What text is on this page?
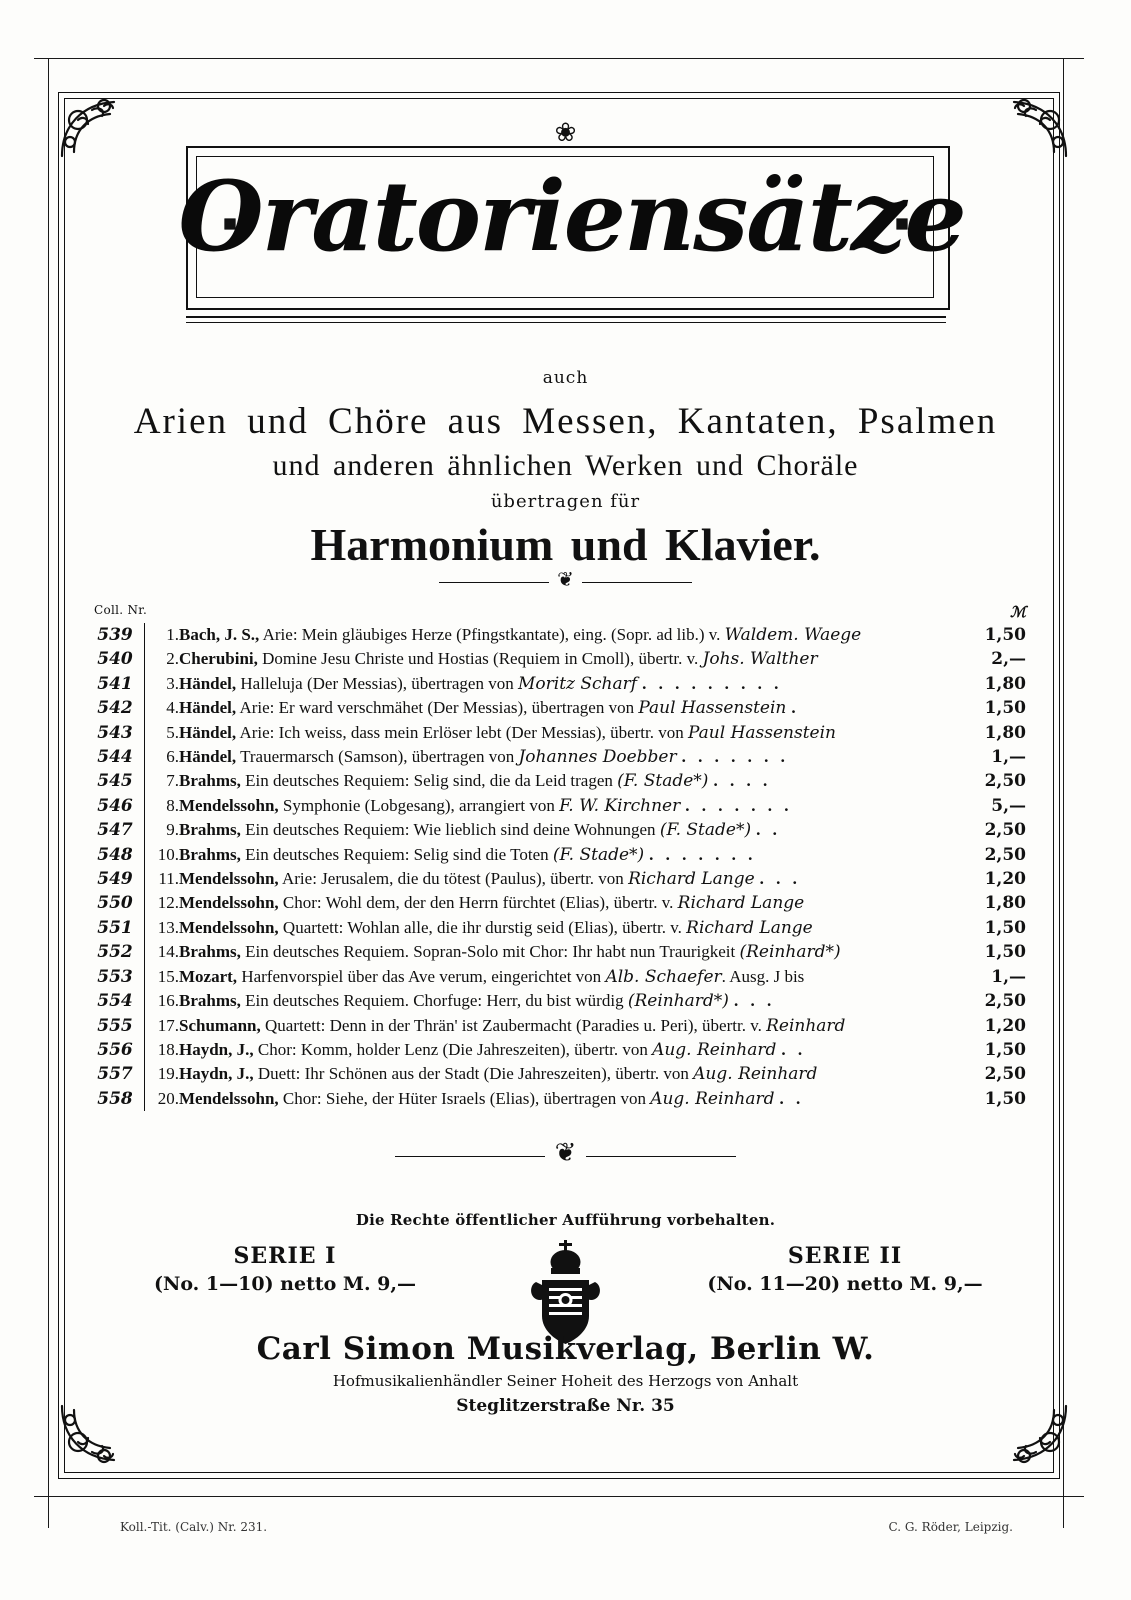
❀
Oratoriensätze
auch
Arien und Chöre aus Messen, Kantaten, Psalmen
und anderen ähnlichen Werken und Choräle
übertragen für
Harmonium und Klavier.
❦
Coll. Nr.	ℳ
539	1.	Bach, J. S., Arie: Mein gläubiges Herze (Pfingstkantate), eing. (Sopr. ad lib.) v. Waldem. Waege	1,50
540	2.	Cherubini, Domine Jesu Christe und Hostias (Requiem in Cmoll), übertr. v. Johs. Walther	2,—
541	3.	Händel, Halleluja (Der Messias), übertragen von Moritz Scharf . . . . . . . . .	1,80
542	4.	Händel, Arie: Er ward verschmähet (Der Messias), übertragen von Paul Hassenstein .	1,50
543	5.	Händel, Arie: Ich weiss, dass mein Erlöser lebt (Der Messias), übertr. von Paul Hassenstein	1,80
544	6.	Händel, Trauermarsch (Samson), übertragen von Johannes Doebber . . . . . . .	1,—
545	7.	Brahms, Ein deutsches Requiem: Selig sind, die da Leid tragen (F. Stade*) . . . .	2,50
546	8.	Mendelssohn, Symphonie (Lobgesang), arrangiert von F. W. Kirchner . . . . . . .	5,—
547	9.	Brahms, Ein deutsches Requiem: Wie lieblich sind deine Wohnungen (F. Stade*) . .	2,50
548	10.	Brahms, Ein deutsches Requiem: Selig sind die Toten (F. Stade*) . . . . . . .	2,50
549	11.	Mendelssohn, Arie: Jerusalem, die du tötest (Paulus), übertr. von Richard Lange . . .	1,20
550	12.	Mendelssohn, Chor: Wohl dem, der den Herrn fürchtet (Elias), übertr. v. Richard Lange	1,80
551	13.	Mendelssohn, Quartett: Wohlan alle, die ihr durstig seid (Elias), übertr. v. Richard Lange	1,50
552	14.	Brahms, Ein deutsches Requiem. Sopran-Solo mit Chor: Ihr habt nun Traurigkeit (Reinhard*)	1,50
553	15.	Mozart, Harfenvorspiel über das Ave verum, eingerichtet von Alb. Schaefer. Ausg. J bis	1,—
554	16.	Brahms, Ein deutsches Requiem. Chorfuge: Herr, du bist würdig (Reinhard*) . . .	2,50
555	17.	Schumann, Quartett: Denn in der Thrän' ist Zaubermacht (Paradies u. Peri), übertr. v. Reinhard	1,20
556	18.	Haydn, J., Chor: Komm, holder Lenz (Die Jahreszeiten), übertr. von Aug. Reinhard . .	1,50
557	19.	Haydn, J., Duett: Ihr Schönen aus der Stadt (Die Jahreszeiten), übertr. von Aug. Reinhard	2,50
558	20.	Mendelssohn, Chor: Siehe, der Hüter Israels (Elias), übertragen von Aug. Reinhard . .	1,50
❦
Die Rechte öffentlicher Aufführung vorbehalten.
SERIE I
(No. 1—10) netto M. 9,—
SERIE II
(No. 11—20) netto M. 9,—
Carl Simon Musikverlag, Berlin W.
Hofmusikalienhändler Seiner Hoheit des Herzogs von Anhalt
Steglitzerstraße Nr. 35
Koll.-Tit. (Calv.) Nr. 231.	C. G. Röder, Leipzig.
